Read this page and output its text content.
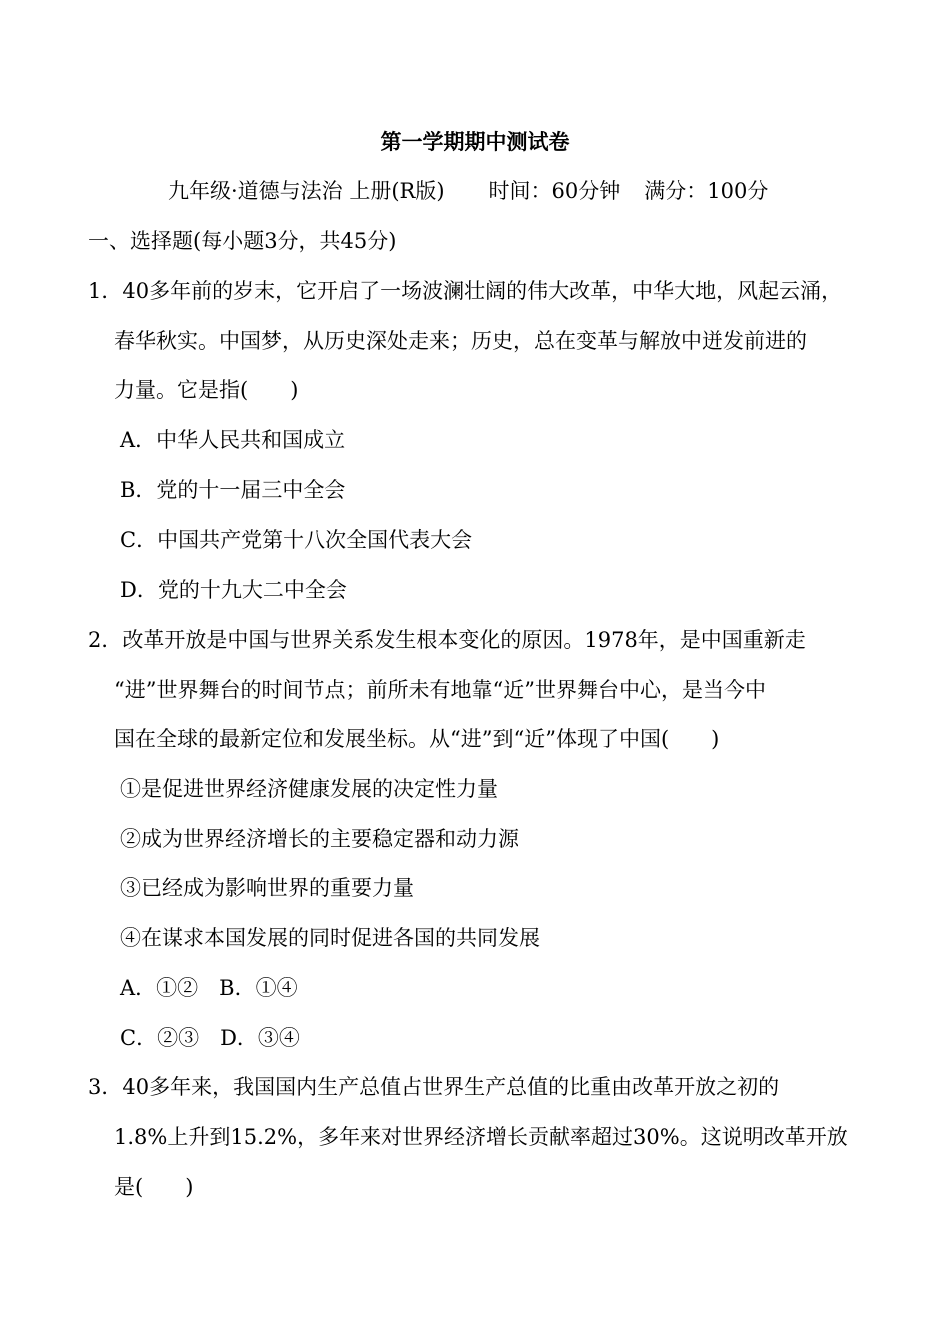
第一学期期中测试卷
九年级·道德与法治 上册(R版) 时间：60分钟 满分：100分
一、选择题(每小题3分，共45分)
1．40多年前的岁末，它开启了一场波澜壮阔的伟大改革，中华大地，风起云涌，
春华秋实。中国梦，从历史深处走来；历史，总在变革与解放中迸发前进的
力量。它是指(　　)
A．中华人民共和国成立
B．党的十一届三中全会
C．中国共产党第十八次全国代表大会
D．党的十九大二中全会
2．改革开放是中国与世界关系发生根本变化的原因。1978年，是中国重新走
“进”世界舞台的时间节点；前所未有地靠“近”世界舞台中心，是当今中
国在全球的最新定位和发展坐标。从“进”到“近”体现了中国(　　)
①是促进世界经济健康发展的决定性力量
②成为世界经济增长的主要稳定器和动力源
③已经成为影响世界的重要力量
④在谋求本国发展的同时促进各国的共同发展
A．①②　B．①④
C．②③　D．③④
3．40多年来，我国国内生产总值占世界生产总值的比重由改革开放之初的
1.8%上升到15.2%，多年来对世界经济增长贡献率超过30%。这说明改革开放
是(　　)
